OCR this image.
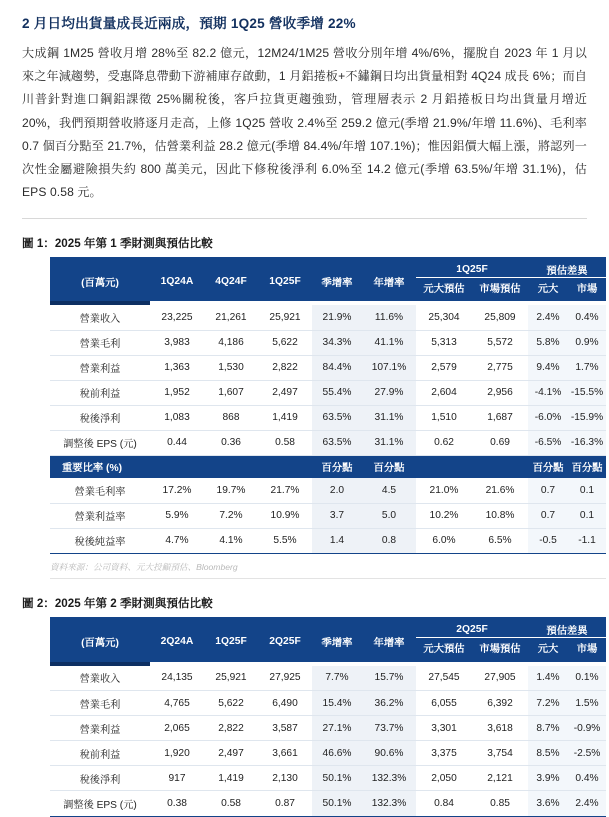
2 月日均出貨量成長近兩成，預期 1Q25 營收季增 22%
大成鋼 1M25 營收月增 28%至 82.2 億元，12M24/1M25 營收分別年增 4%/6%，擺脫自 2023 年 1 月以來之年減趨勢，受惠降息帶動下游補庫存啟動，1 月鋁捲板+不鏽鋼日均出貨量相對 4Q24 成長 6%；而自川普針對進口鋼鋁課徵 25%關稅後，客戶拉貨更趨強勁，管理層表示 2 月鋁捲板日均出貨量月增近 20%，我們預期營收將逐月走高，上修 1Q25 營收 2.4%至 259.2 億元(季增 21.9%/年增 11.6%)、毛利率 0.7 個百分點至 21.7%，估營業利益 28.2 億元(季增 84.4%/年增 107.1%)；惟因鋁價大幅上漲，將認列一次性金屬避險損失約 800 萬美元，因此下修稅後淨利 6.0%至 14.2 億元(季增 63.5%/年增 31.1%)，估 EPS 0.58 元。
圖 1：2025 年第 1 季財測與預估比較
(百萬元)	1Q24A	4Q24F	1Q25F	季增率	年增率	1Q25F		預估差異	
						元大預估	市場預估	元大	市場

營業收入	23,225	21,261	25,921	21.9%	11.6%	25,304	25,809	2.4%	0.4%
營業毛利	3,983	4,186	5,622	34.3%	41.1%	5,313	5,572	5.8%	0.9%
營業利益	1,363	1,530	2,822	84.4%	107.1%	2,579	2,775	9.4%	1.7%
稅前利益	1,952	1,607	2,497	55.4%	27.9%	2,604	2,956	-4.1%	-15.5%
稅後淨利	1,083	868	1,419	63.5%	31.1%	1,510	1,687	-6.0%	-15.9%
調整後 EPS (元)	0.44	0.36	0.58	63.5%	31.1%	0.62	0.69	-6.5%	-16.3%
重要比率 (%)				百分點	百分點			百分點	百分點
營業毛利率	17.2%	19.7%	21.7%	2.0	4.5	21.0%	21.6%	0.7	0.1
營業利益率	5.9%	7.2%	10.9%	3.7	5.0	10.2%	10.8%	0.7	0.1
稅後純益率	4.7%	4.1%	5.5%	1.4	0.8	6.0%	6.5%	-0.5	-1.1
資料來源：公司資料、元大投顧預估、Bloomberg
圖 2：2025 年第 2 季財測與預估比較
(百萬元)	2Q24A	1Q25F	2Q25F	季增率	年增率	2Q25F		預估差異	
						元大預估	市場預估	元大	市場

營業收入	24,135	25,921	27,925	7.7%	15.7%	27,545	27,905	1.4%	0.1%
營業毛利	4,765	5,622	6,490	15.4%	36.2%	6,055	6,392	7.2%	1.5%
營業利益	2,065	2,822	3,587	27.1%	73.7%	3,301	3,618	8.7%	-0.9%
稅前利益	1,920	2,497	3,661	46.6%	90.6%	3,375	3,754	8.5%	-2.5%
稅後淨利	917	1,419	2,130	50.1%	132.3%	2,050	2,121	3.9%	0.4%
調整後 EPS (元)	0.38	0.58	0.87	50.1%	132.3%	0.84	0.85	3.6%	2.4%
